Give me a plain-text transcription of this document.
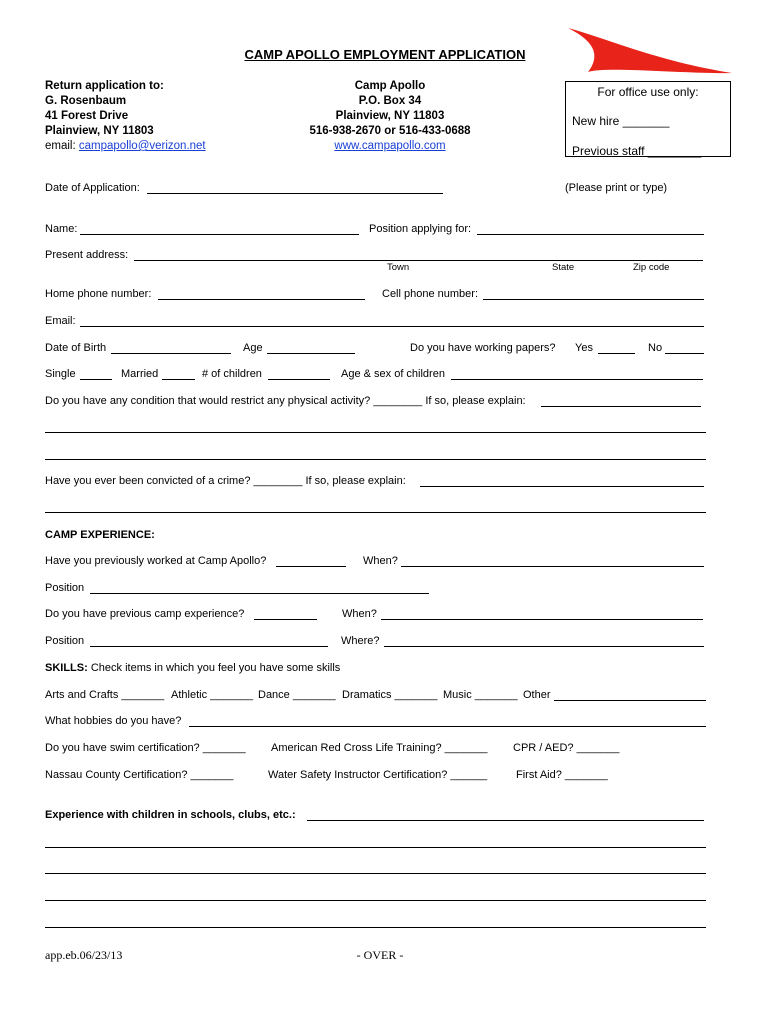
CAMP APOLLO EMPLOYMENT APPLICATION
Return application to:
G. Rosenbaum
41 Forest Drive
Plainview, NY 11803
email: campapollo@verizon.net
Camp Apollo
P.O. Box 34
Plainview, NY 11803
516-938-2670 or 516-433-0688
www.campapollo.com
For office use only:
New hire _______
Previous staff ________
Date of Application:	(Please print or type)
Name:	Position applying for:
Present address:
Town	State	Zip code
Home phone number:	Cell phone number:
Email:
Date of Birth	Age	Do you have working papers? Yes	No
Single	Married	# of children	Age & sex of children
Do you have any condition that would restrict any physical activity? ________ If so, please explain:
Have you ever been convicted of a crime? ________ If so, please explain:
CAMP EXPERIENCE:
Have you previously worked at Camp Apollo?	When?
Position
Do you have previous camp experience?	When?
Position	Where?
SKILLS: Check items in which you feel you have some skills
Arts and Crafts _______ Athletic _______ Dance _______ Dramatics _______ Music _______ Other
What hobbies do you have?
Do you have swim certification? _______ American Red Cross Life Training? _______ CPR / AED? _______
Nassau County Certification? _______	Water Safety Instructor Certification? ______	First Aid? _______
Experience with children in schools, clubs, etc.:
app.eb.06/23/13	- OVER -
